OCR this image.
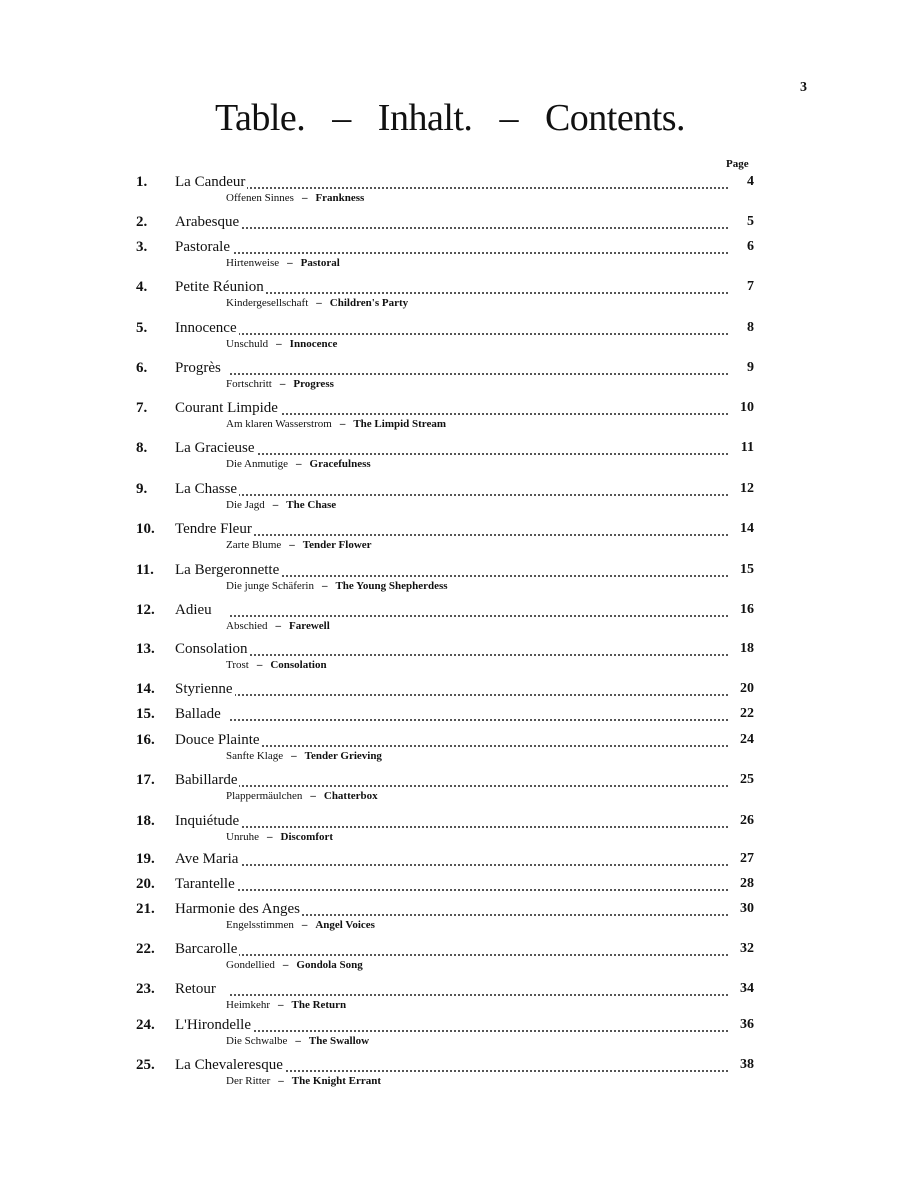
3
Table. – Inhalt. – Contents.
Page
1. La Candeur	4
Offenen Sinnes – Frankness
2. Arabesque	5
3. Pastorale	6
Hirtenweise – Pastoral
4. Petite Réunion	7
Kindergesellschaft – Children's Party
5. Innocence	8
Unschuld – Innocence
6. Progrès	9
Fortschritt – Progress
7. Courant Limpide	10
Am klaren Wasserstrom – The Limpid Stream
8. La Gracieuse	11
Die Anmutige – Gracefulness
9. La Chasse	12
Die Jagd – The Chase
10. Tendre Fleur	14
Zarte Blume – Tender Flower
11. La Bergeronnette	15
Die junge Schäferin – The Young Shepherdess
12. Adieu	16
Abschied – Farewell
13. Consolation	18
Trost – Consolation
14. Styrienne	20
15. Ballade	22
16. Douce Plainte	24
Sanfte Klage – Tender Grieving
17. Babillarde	25
Plappermäulchen – Chatterbox
18. Inquiétude	26
Unruhe – Discomfort
19. Ave Maria	27
20. Tarantelle	28
21. Harmonie des Anges	30
Engelsstimmen – Angel Voices
22. Barcarolle	32
Gondellied – Gondola Song
23. Retour	34
Heimkehr – The Return
24. L'Hirondelle	36
Die Schwalbe – The Swallow
25. La Chevaleresque	38
Der Ritter – The Knight Errant
